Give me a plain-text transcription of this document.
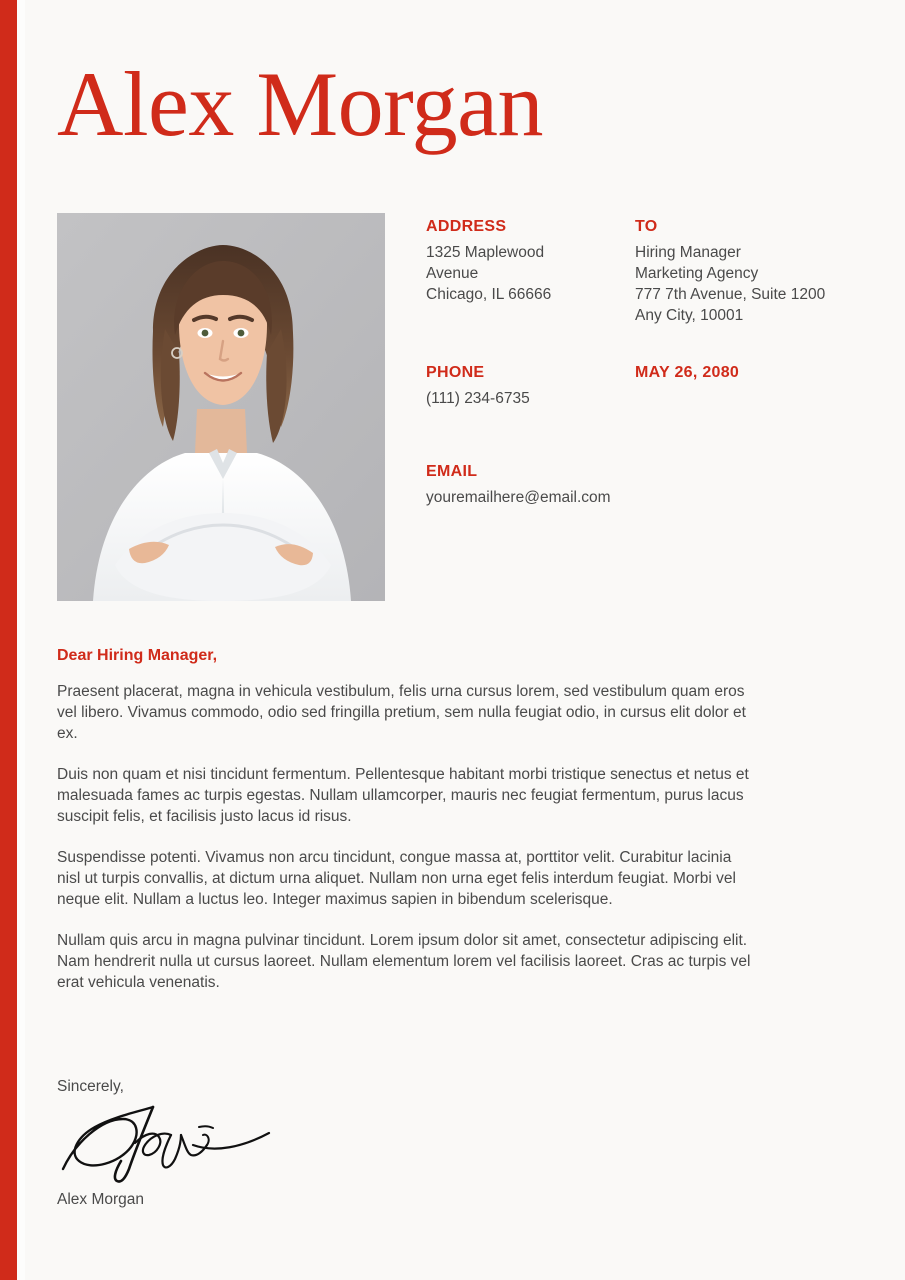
Alex Morgan

ADDRESS

1325 Maplewood

Avenue

Chicago, IL 66666

TO

Hiring Manager

Marketing Agency

777 7th Avenue, Suite 1200

Any City, 10001

PHONE

(111) 234-6735

MAY 26, 2080

EMAIL

youremailhere@email.com

Dear Hiring Manager,

Praesent placerat, magna in vehicula vestibulum, felis urna cursus lorem, sed vestibulum quam eros vel libero. Vivamus commodo, odio sed fringilla pretium, sem nulla feugiat odio, in cursus elit dolor et ex.

Duis non quam et nisi tincidunt fermentum. Pellentesque habitant morbi tristique senectus et netus et malesuada fames ac turpis egestas. Nullam ullamcorper, mauris nec feugiat fermentum, purus lacus suscipit felis, et facilisis justo lacus id risus.

Suspendisse potenti. Vivamus non arcu tincidunt, congue massa at, porttitor velit. Curabitur lacinia nisl ut turpis convallis, at dictum urna aliquet. Nullam non urna eget felis interdum feugiat. Morbi vel neque elit. Nullam a luctus leo. Integer maximus sapien in bibendum scelerisque.

Nullam quis arcu in magna pulvinar tincidunt. Lorem ipsum dolor sit amet, consectetur adipiscing elit. Nam hendrerit nulla ut cursus laoreet. Nullam elementum lorem vel facilisis laoreet. Cras ac turpis vel erat vehicula venenatis.

Sincerely,

Alex Morgan
